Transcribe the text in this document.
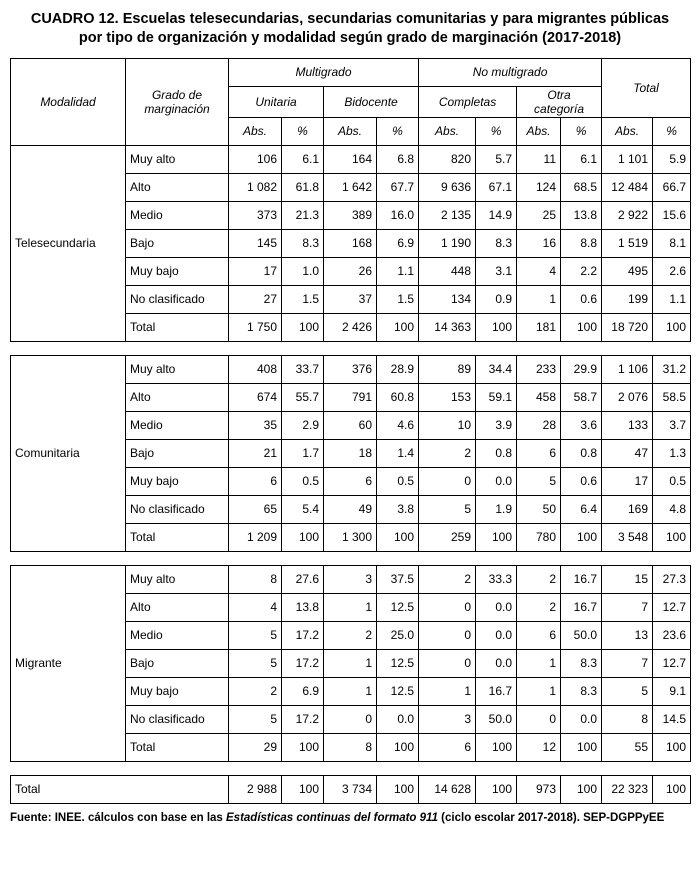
CUADRO 12. Escuelas telesecundarias, secundarias comunitarias y para migrantes públicas por tipo de organización y modalidad según grado de marginación (2017-2018)
Modalidad	Grado de marginación	Multigrado				No multigrado				Total	
		Unitaria		Bidocente		Completas		Otra categoría			
		Abs.	%	Abs.	%	Abs.	%	Abs.	%	Abs.	%
Telesecundaria	Muy alto	106	6.1	164	6.8	820	5.7	11	6.1	1 101	5.9
	Alto	1 082	61.8	1 642	67.7	9 636	67.1	124	68.5	12 484	66.7
	Medio	373	21.3	389	16.0	2 135	14.9	25	13.8	2 922	15.6
	Bajo	145	8.3	168	6.9	1 190	8.3	16	8.8	1 519	8.1
	Muy bajo	17	1.0	26	1.1	448	3.1	4	2.2	495	2.6
	No clasificado	27	1.5	37	1.5	134	0.9	1	0.6	199	1.1
	Total	1 750	100	2 426	100	14 363	100	181	100	18 720	100
Comunitaria	Muy alto	408	33.7	376	28.9	89	34.4	233	29.9	1 106	31.2
	Alto	674	55.7	791	60.8	153	59.1	458	58.7	2 076	58.5
	Medio	35	2.9	60	4.6	10	3.9	28	3.6	133	3.7
	Bajo	21	1.7	18	1.4	2	0.8	6	0.8	47	1.3
	Muy bajo	6	0.5	6	0.5	0	0.0	5	0.6	17	0.5
	No clasificado	65	5.4	49	3.8	5	1.9	50	6.4	169	4.8
	Total	1 209	100	1 300	100	259	100	780	100	3 548	100
Migrante	Muy alto	8	27.6	3	37.5	2	33.3	2	16.7	15	27.3
	Alto	4	13.8	1	12.5	0	0.0	2	16.7	7	12.7
	Medio	5	17.2	2	25.0	0	0.0	6	50.0	13	23.6
	Bajo	5	17.2	1	12.5	0	0.0	1	8.3	7	12.7
	Muy bajo	2	6.9	1	12.5	1	16.7	1	8.3	5	9.1
	No clasificado	5	17.2	0	0.0	3	50.0	0	0.0	8	14.5
	Total	29	100	8	100	6	100	12	100	55	100
Total	2 988	100	3 734	100	14 628	100	973	100	22 323	100
Fuente: INEE. cálculos con base en las Estadísticas continuas del formato 911 (ciclo escolar 2017-2018). SEP-DGPPyEE
